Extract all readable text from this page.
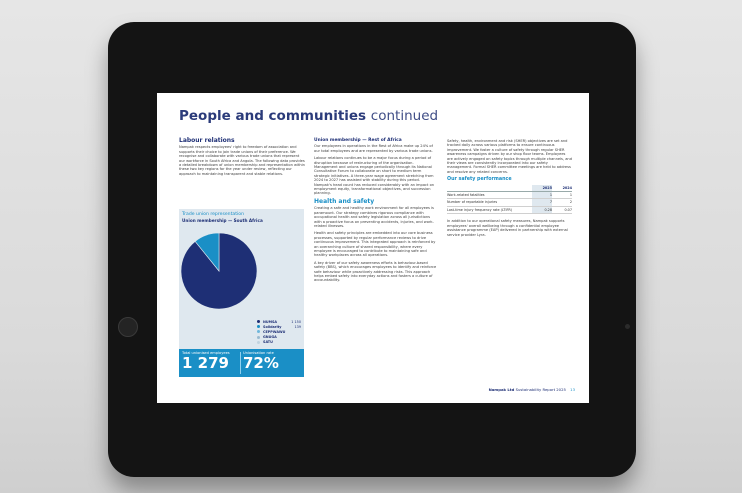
People and communities continued
Labour relations

Nampak respects employees' right to freedom of association and supports their choice to join trade unions of their preference. We recognise and collaborate with various trade unions that represent our workforce in South Africa and Angola. The following data provides a detailed breakdown of union membership and representation within these two key regions for the year under review, reflecting our approach to maintaining transparent and stable relations.

Trade union representation
Union membership — South Africa
NUMSA	1 150
Solidarity	139
CEPPWAWU
GNUGA
SATU
Total unionised employees
1 279
Unionisation rate
72%
Union membership — Rest of Africa

Our employees in operations in the Rest of Africa make up 24% of our total employees and are represented by various trade unions.

Labour relations continues to be a major focus during a period of disruption because of restructuring of the organisation. Management and unions engage periodically through its National Consultative Forum to collaborate on short to medium term strategic initiatives. A three-year wage agreement stretching from 2024 to 2027 has assisted with stability during this period. Nampak's head count has reduced considerably with an impact on employment equity, transformational objectives, and succession planning.

Health and safety

Creating a safe and healthy work environment for all employees is paramount. Our strategy combines rigorous compliance with occupational health and safety legislation across all jurisdictions with a proactive focus on preventing accidents, injuries, and work-related illnesses.

Health and safety principles are embedded into our core business processes, supported by regular performance reviews to drive continuous improvement. This integrated approach is reinforced by an overarching culture of shared responsibility, where every employee is encouraged to contribute to maintaining safe and healthy workplaces across all operations.

A key driver of our safety awareness efforts is behaviour-based safety (BBS), which encourages employees to identify and reinforce safe behaviour while proactively addressing risks. This approach helps embed safety into everyday actions and fosters a culture of accountability.

Safety, health, environment and risk (SHER) objectives are set and tracked daily across various platforms to ensure continuous improvement. We foster a culture of safety through regular SHER awareness campaigns driven by our shop floor teams. Employees are actively engaged on safety topics through multiple channels, and their views are consistently incorporated into our safety management. Formal SHER committee meetings are held to address and resolve any related concerns.

Our safety performance
	2025	2024
Work-related fatalities	1	1
Number of reportable injuries	7	2
Lost-time injury frequency rate (LTIFR)	0.28	0.07

In addition to our operational safety measures, Nampak supports employees' overall wellbeing through a confidential employee assistance programme (EAP) delivered in partnership with external service provider Lyra.

Nampak Ltd Sustainability Report 2025 13
